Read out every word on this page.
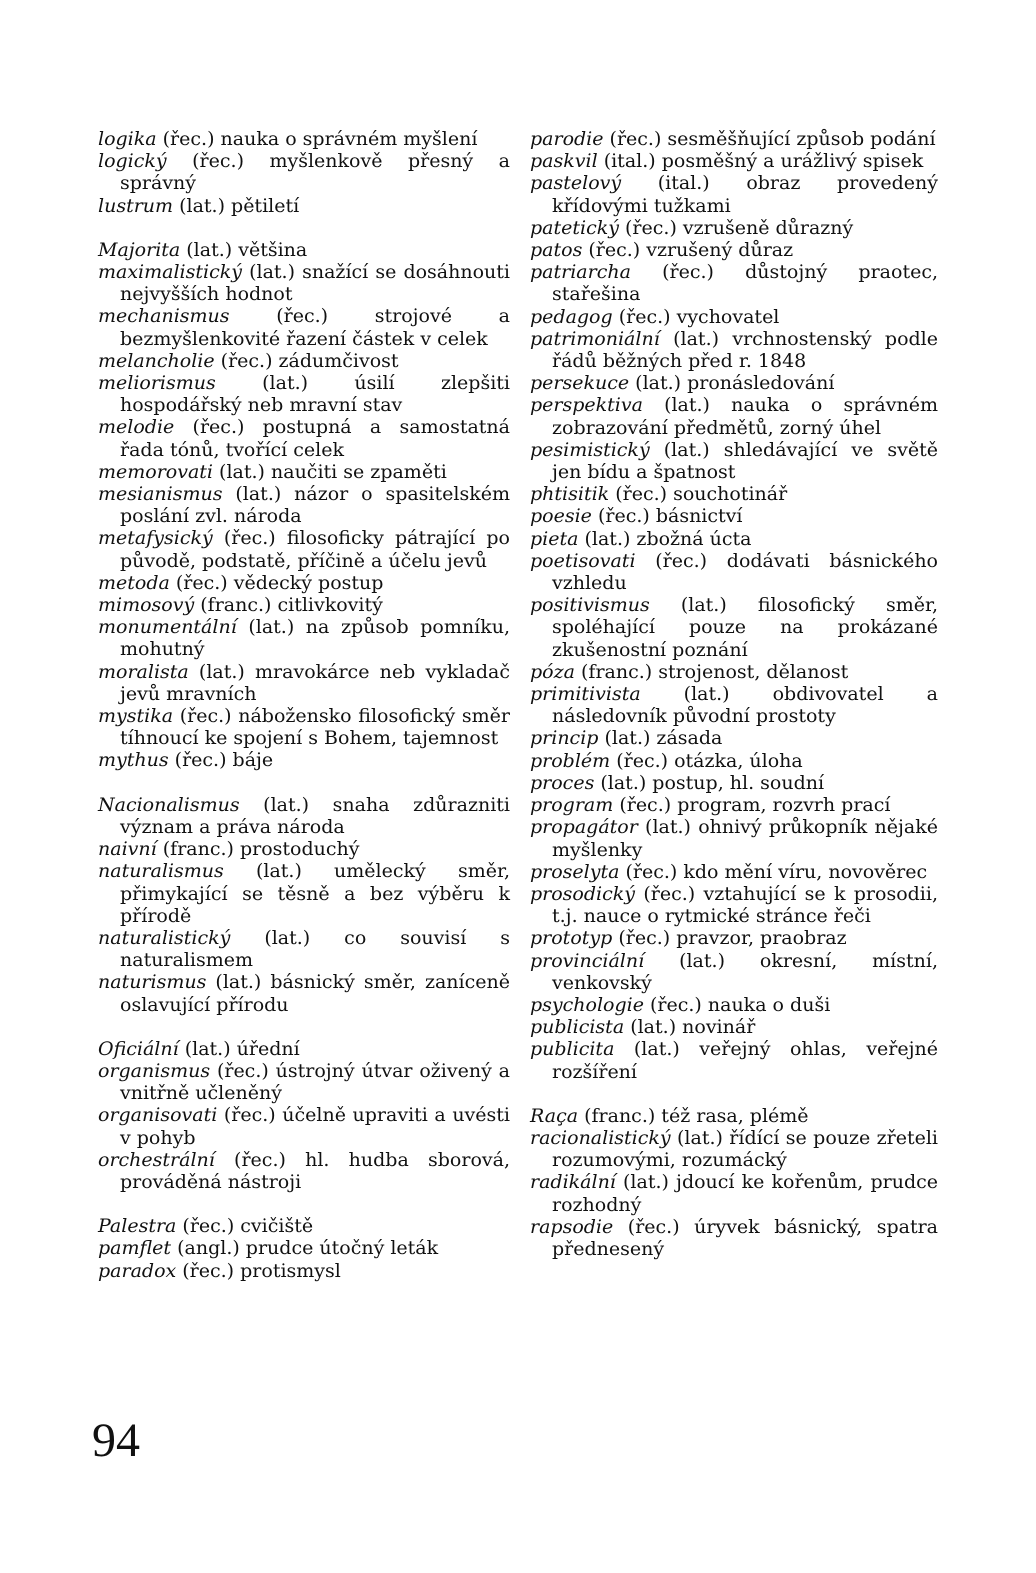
logika (řec.) nauka o správném myšlení
logický (řec.) myšlenkově přesný a správný
lustrum (lat.) pětiletí
Majorita (lat.) většina
maximalistický (lat.) snažící se dosáhnouti nejvyšších hodnot
mechanismus (řec.) strojové a bezmyšlenkovité řazení částek v celek
melancholie (řec.) zádumčivost
meliorismus (lat.) úsilí zlepšiti hospodářský neb mravní stav
melodie (řec.) postupná a samostatná řada tónů, tvořící celek
memorovati (lat.) naučiti se zpaměti
mesianismus (lat.) názor o spasitelském poslání zvl. národa
metafysický (řec.) filosoficky pátrající po původě, podstatě, příčině a účelu jevů
metoda (řec.) vědecký postup
mimosový (franc.) citlivkovitý
monumentální (lat.) na způsob pomníku, mohutný
moralista (lat.) mravokárce neb vykladač jevů mravních
mystika (řec.) nábožensko filosofický směr tíhnoucí ke spojení s Bohem, tajemnost
mythus (řec.) báje
Nacionalismus (lat.) snaha zdůrazniti význam a práva národa
naivní (franc.) prostoduchý
naturalismus (lat.) umělecký směr, přimykající se těsně a bez výběru k přírodě
naturalistický (lat.) co souvisí s naturalismem
naturismus (lat.) básnický směr, zaníceně oslavující přírodu
Oficiální (lat.) úřední
organismus (řec.) ústrojný útvar oživený a vnitřně učleněný
organisovati (řec.) účelně upraviti a uvésti v pohyb
orchestrální (řec.) hl. hudba sborová, prováděná nástroji
Palestra (řec.) cvičiště
pamflet (angl.) prudce útočný leták
paradox (řec.) protismysl
parodie (řec.) sesměšňující způsob podání
paskvil (ital.) posměšný a urážlivý spisek
pastelový (ital.) obraz provedený křídovými tužkami
patetický (řec.) vzrušeně důrazný
patos (řec.) vzrušený důraz
patriarcha (řec.) důstojný praotec, stařešina
pedagog (řec.) vychovatel
patrimoniální (lat.) vrchnostenský podle řádů běžných před r. 1848
persekuce (lat.) pronásledování
perspektiva (lat.) nauka o správném zobrazování předmětů, zorný úhel
pesimistický (lat.) shledávající ve světě jen bídu a špatnost
phtisitik (řec.) souchotinář
poesie (řec.) básnictví
pieta (lat.) zbožná úcta
poetisovati (řec.) dodávati básnického vzhledu
positivismus (lat.) filosofický směr, spoléhající pouze na prokázané zkušenostní poznání
póza (franc.) strojenost, dělanost
primitivista (lat.) obdivovatel a následovník původní prostoty
princip (lat.) zásada
problém (řec.) otázka, úloha
proces (lat.) postup, hl. soudní
program (řec.) program, rozvrh prací
propagátor (lat.) ohnivý průkopník nějaké myšlenky
proselyta (řec.) kdo mění víru, novověrec
prosodický (řec.) vztahující se k prosodii, t.j. nauce o rytmické stránce řeči
prototyp (řec.) pravzor, praobraz
provinciální (lat.) okresní, místní, venkovský
psychologie (řec.) nauka o duši
publicista (lat.) novinář
publicita (lat.) veřejný ohlas, veřejné rozšíření
Raça (franc.) též rasa, plémě
racionalistický (lat.) řídící se pouze zřeteli rozumovými, rozumácký
radikální (lat.) jdoucí ke kořenům, prudce rozhodný
rapsodie (řec.) úryvek básnický, spatra přednesený
94
